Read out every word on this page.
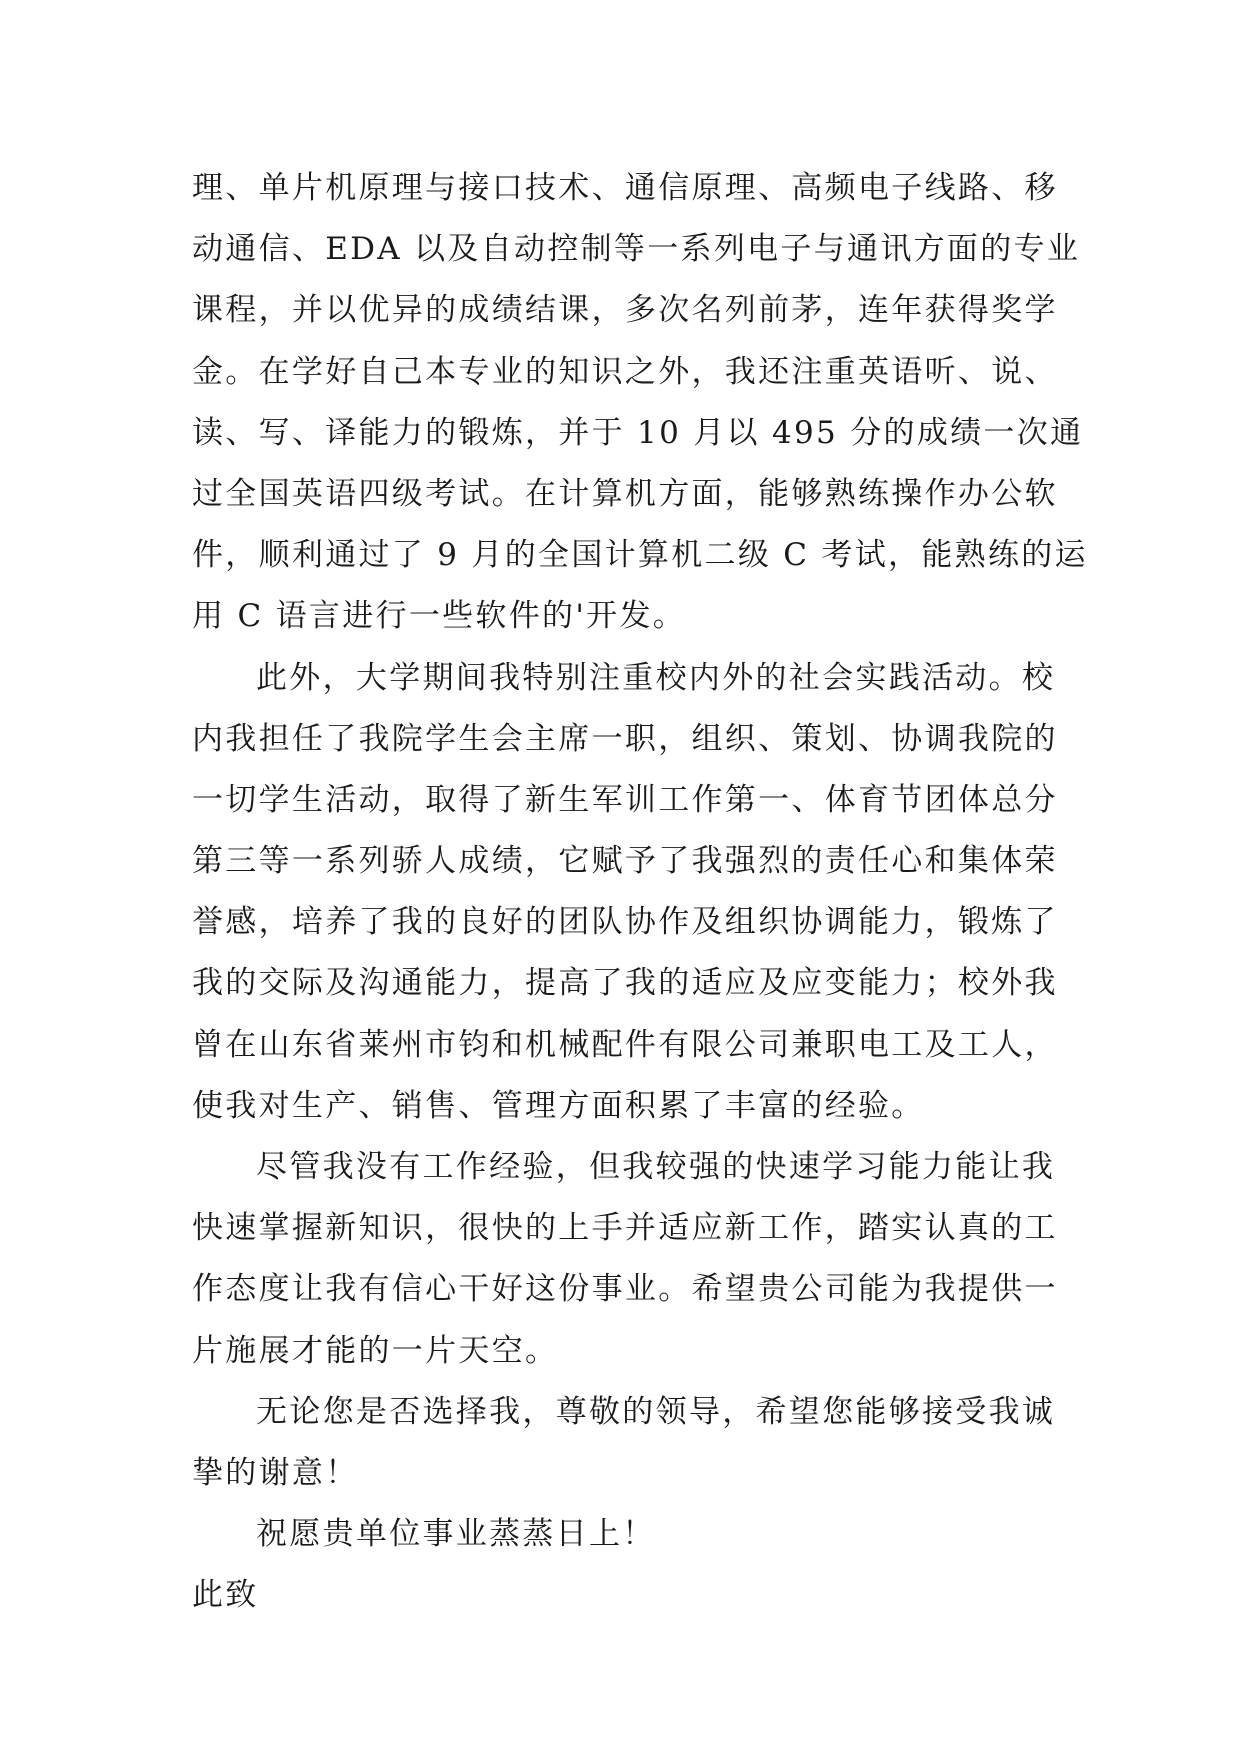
理、单片机原理与接口技术、通信原理、高频电子线路、移
动通信、EDA 以及自动控制等一系列电子与通讯方面的专业
课程，并以优异的成绩结课，多次名列前茅，连年获得奖学
金。在学好自己本专业的知识之外，我还注重英语听、说、
读、写、译能力的锻炼，并于 10 月以 495 分的成绩一次通
过全国英语四级考试。在计算机方面，能够熟练操作办公软
件，顺利通过了 9 月的全国计算机二级 C 考试，能熟练的运
用 C 语言进行一些软件的'开发。
此外，大学期间我特别注重校内外的社会实践活动。校
内我担任了我院学生会主席一职，组织、策划、协调我院的
一切学生活动，取得了新生军训工作第一、体育节团体总分
第三等一系列骄人成绩，它赋予了我强烈的责任心和集体荣
誉感，培养了我的良好的团队协作及组织协调能力，锻炼了
我的交际及沟通能力，提高了我的适应及应变能力；校外我
曾在山东省莱州市钧和机械配件有限公司兼职电工及工人，
使我对生产、销售、管理方面积累了丰富的经验。
尽管我没有工作经验，但我较强的快速学习能力能让我
快速掌握新知识，很快的上手并适应新工作，踏实认真的工
作态度让我有信心干好这份事业。希望贵公司能为我提供一
片施展才能的一片天空。
无论您是否选择我，尊敬的领导，希望您能够接受我诚
挚的谢意！
祝愿贵单位事业蒸蒸日上！
此致
